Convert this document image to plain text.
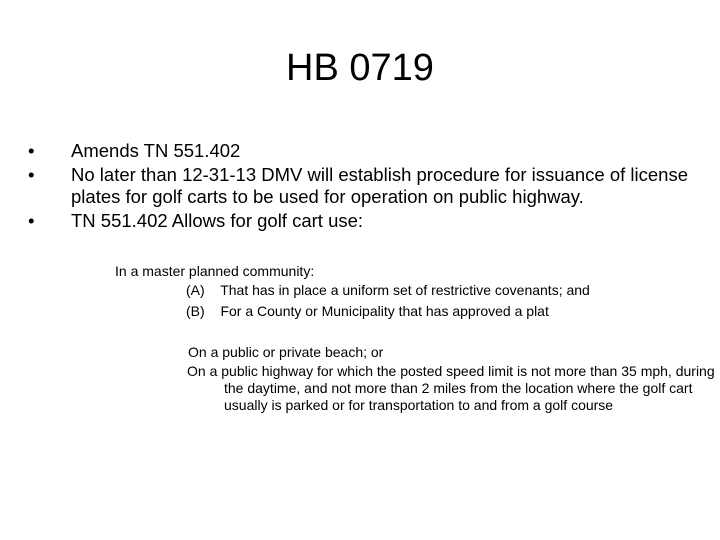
HB 0719
•	Amends TN 551.402
•	No later than 12-31-13 DMV will establish procedure for issuance of license plates for golf carts to be used for operation on public highway.
•	TN 551.402 Allows for golf cart use:
In a master planned community:
(A) That has in place a uniform set of restrictive covenants; and
(B) For a County or Municipality that has approved a plat
On a public or private beach; or
On a public highway for which the posted speed limit is not more than 35 mph, during the daytime, and not more than 2 miles from the location where the golf cart usually is parked or for transportation to and from a golf course
